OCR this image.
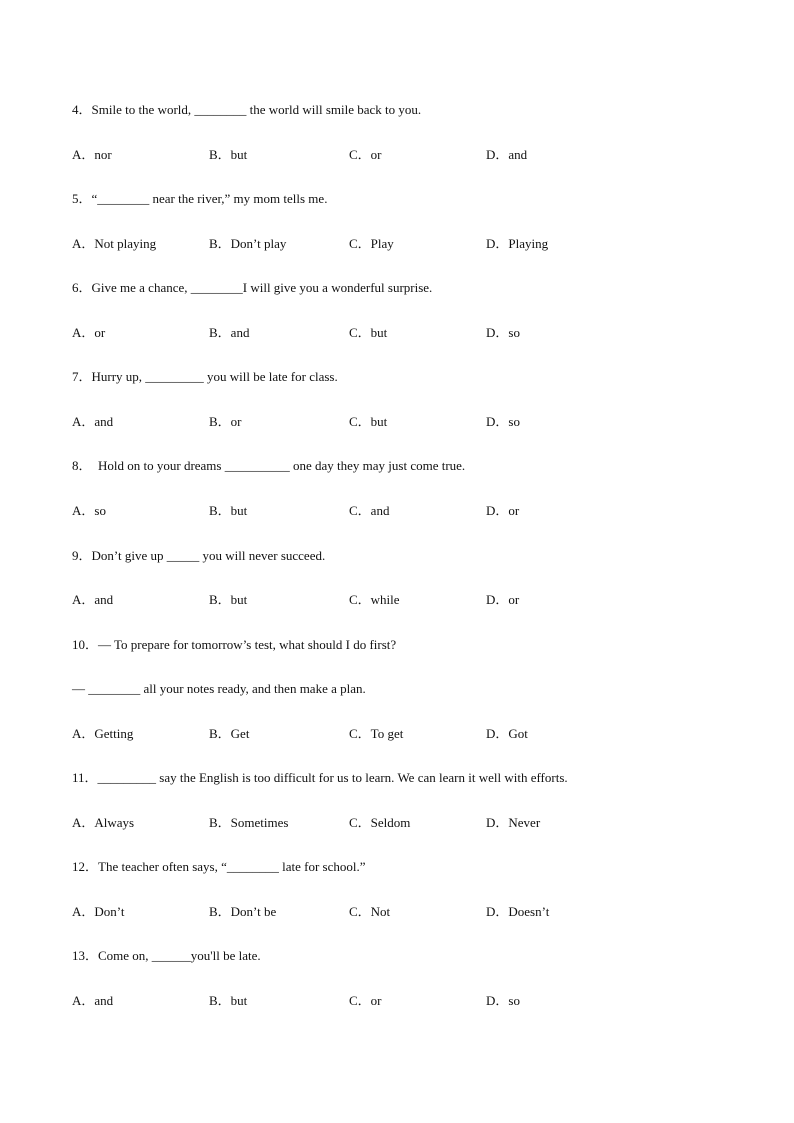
4．Smile to the world, ________ the world will smile back to you.
A．nor	B．but	C．or	D．and
5．“________ near the river,” my mom tells me.
A．Not playing	B．Don’t play	C．Play	D．Playing
6．Give me a chance, ________I will give you a wonderful surprise.
A．or	B．and	C．but	D．so
7．Hurry up, _________ you will be late for class.
A．and	B．or	C．but	D．so
8．  Hold on to your dreams __________ one day they may just come true.
A．so	B．but	C．and	D．or
9．Don’t give up _____ you will never succeed.
A．and	B．but	C．while	D．or
10．— To prepare for tomorrow’s test, what should I do first?
— ________ all your notes ready, and then make a plan.
A．Getting	B．Get	C．To get	D．Got
11．_________ say the English is too difficult for us to learn. We can learn it well with efforts.
A．Always	B．Sometimes	C．Seldom	D．Never
12．The teacher often says, “________ late for school.”
A．Don’t	B．Don’t be	C．Not	D．Doesn’t
13．Come on, ______you'll be late.
A．and	B．but	C．or	D．so
